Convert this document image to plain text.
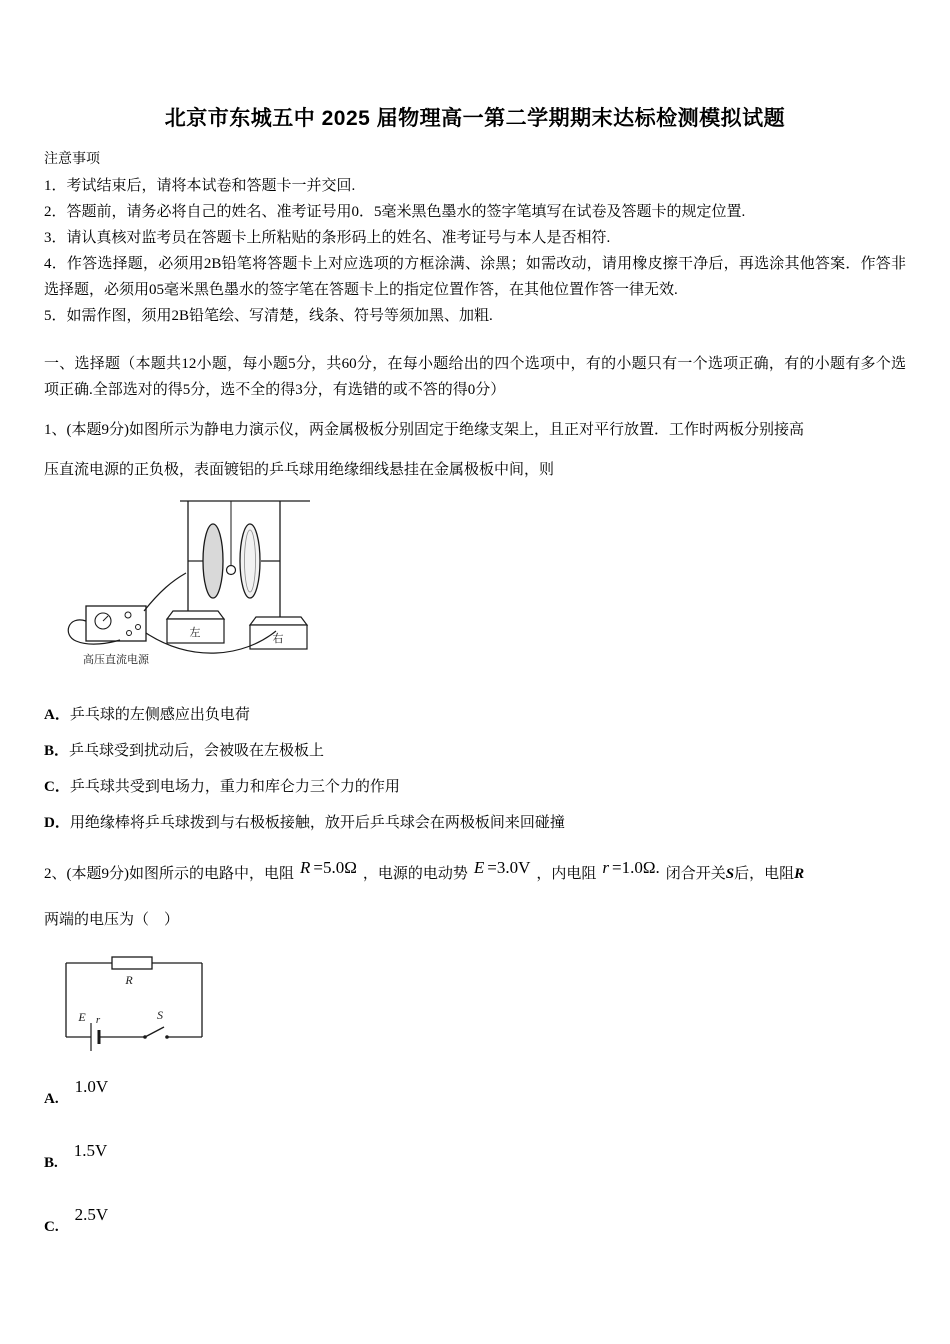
北京市东城五中 2025 届物理高一第二学期期末达标检测模拟试题
注意事项
1．考试结束后，请将本试卷和答题卡一并交回.
2．答题前，请务必将自己的姓名、准考证号用0．5毫米黑色墨水的签字笔填写在试卷及答题卡的规定位置.
3．请认真核对监考员在答题卡上所粘贴的条形码上的姓名、准考证号与本人是否相符.
4．作答选择题，必须用2B铅笔将答题卡上对应选项的方框涂满、涂黑；如需改动，请用橡皮擦干净后，再选涂其他答案．作答非选择题，必须用05毫米黑色墨水的签字笔在答题卡上的指定位置作答，在其他位置作答一律无效.
5．如需作图，须用2B铅笔绘、写清楚，线条、符号等须加黑、加粗.
一、选择题（本题共12小题，每小题5分，共60分，在每小题给出的四个选项中，有的小题只有一个选项正确，有的小题有多个选项正确.全部选对的得5分，选不全的得3分，有选错的或不答的得0分）
1、(本题9分)如图所示为静电力演示仪，两金属极板分别固定于绝缘支架上，且正对平行放置．工作时两板分别接高
压直流电源的正负极，表面镀铝的乒乓球用绝缘细线悬挂在金属极板中间，则
左	右
高压直流电源
A．乒乓球的左侧感应出负电荷
B．乒乓球受到扰动后，会被吸在左极板上
C．乒乓球共受到电场力，重力和库仑力三个力的作用
D．用绝缘棒将乒乓球拨到与右极板接触，放开后乒乓球会在两极板间来回碰撞
2、(本题9分)如图所示的电路中，电阻 R =5.0Ω ，电源的电动势 E =3.0V ，内电阻 r =1.0Ω. 闭合开关S后，电阻R
两端的电压为（　）
R
E r	S
A.1.0V
B.1.5V
C.2.5V
